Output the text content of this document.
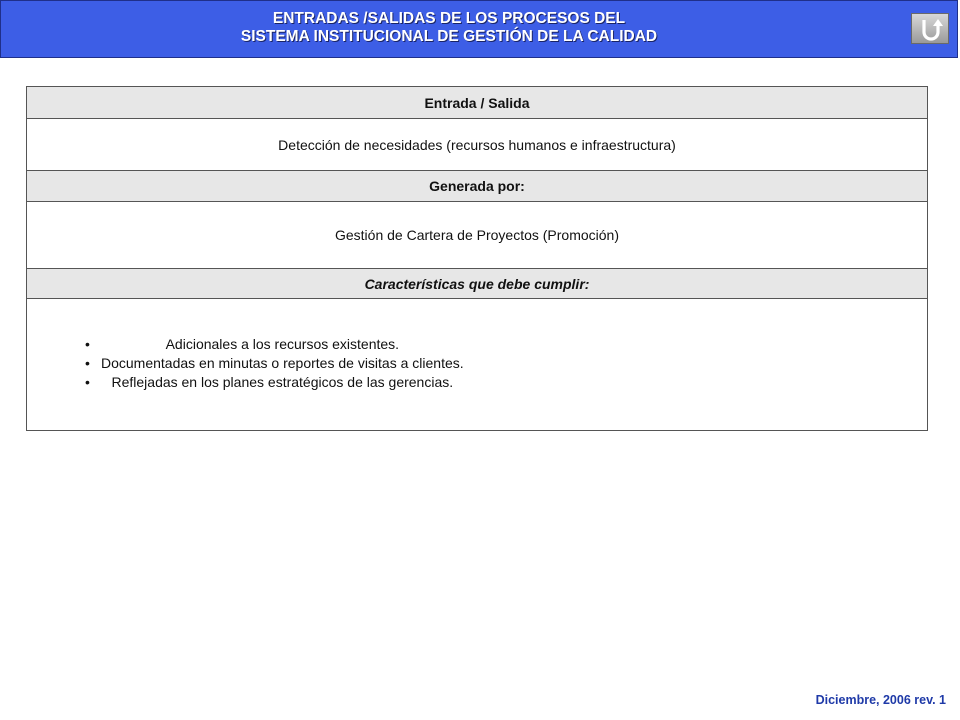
ENTRADAS /SALIDAS DE LOS PROCESOS DEL
SISTEMA INSTITUCIONAL DE GESTIÓN DE LA CALIDAD
Entrada / Salida
Detección de necesidades (recursos humanos e infraestructura)
Generada por:
Gestión de Cartera de Proyectos (Promoción)
Características que debe cumplir:
• Adicionales a los recursos existentes.
• Documentadas en minutas o reportes de visitas a clientes.
• Reflejadas en los planes estratégicos de las gerencias.
Diciembre, 2006 rev. 1
